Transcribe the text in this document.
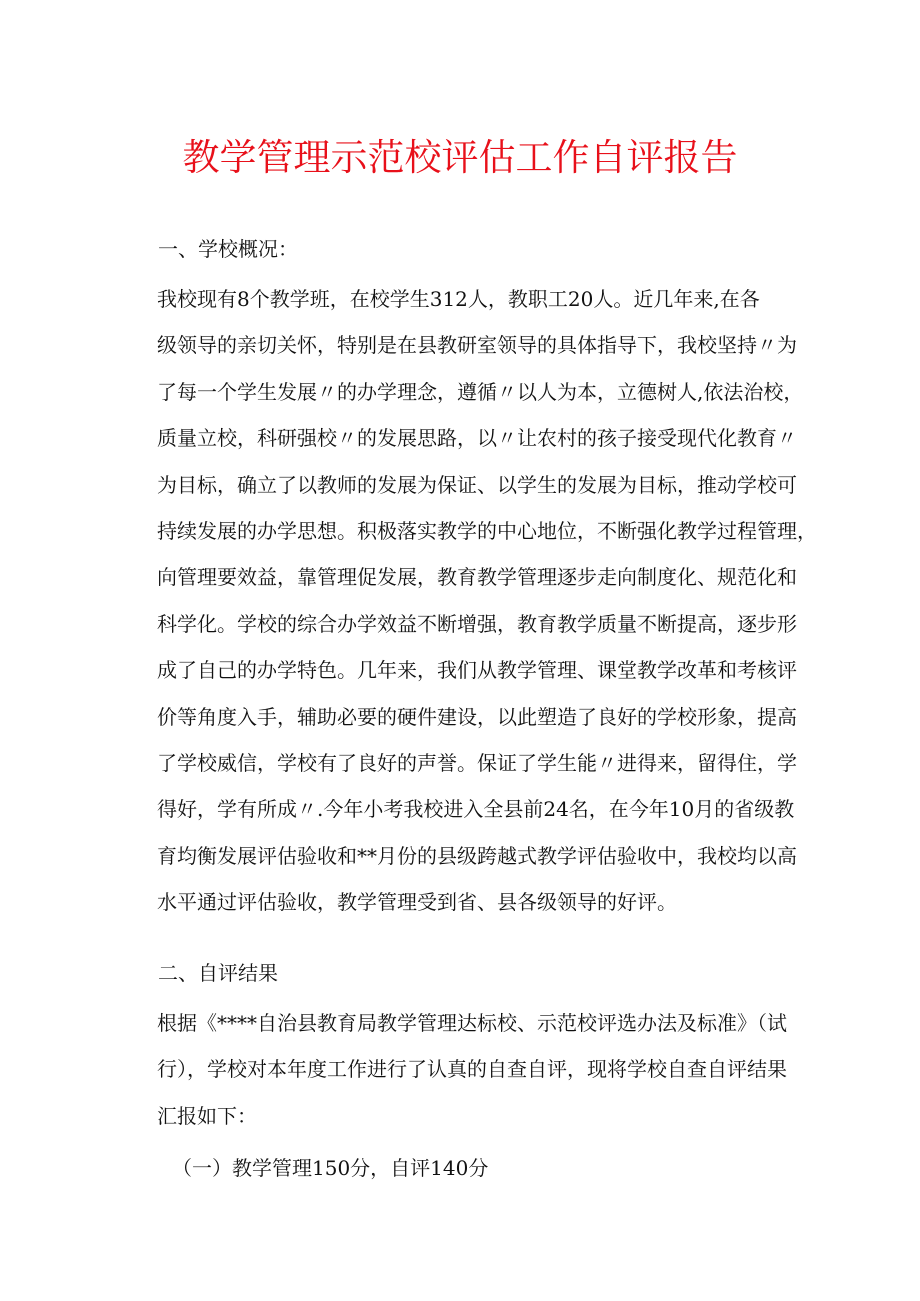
教学管理示范校评估工作自评报告
一、学校概况：
我校现有8个教学班，在校学生312人，教职工20人。近几年来,在各
级领导的亲切关怀，特别是在县教研室领导的具体指导下，我校坚持〃为
了每一个学生发展〃的办学理念，遵循〃以人为本，立德树人,依法治校，
质量立校，科研强校〃的发展思路，以〃让农村的孩子接受现代化教育〃
为目标，确立了以教师的发展为保证、以学生的发展为目标，推动学校可
持续发展的办学思想。积极落实教学的中心地位，不断强化教学过程管理，
向管理要效益，靠管理促发展，教育教学管理逐步走向制度化、规范化和
科学化。学校的综合办学效益不断增强，教育教学质量不断提高，逐步形
成了自己的办学特色。几年来，我们从教学管理、课堂教学改革和考核评
价等角度入手，辅助必要的硬件建设，以此塑造了良好的学校形象，提高
了学校威信，学校有了良好的声誉。保证了学生能〃进得来，留得住，学
得好，学有所成〃.今年小考我校进入全县前24名，在今年10月的省级教
育均衡发展评估验收和**月份的县级跨越式教学评估验收中，我校均以高
水平通过评估验收，教学管理受到省、县各级领导的好评。
二、自评结果
根据《****自治县教育局教学管理达标校、示范校评选办法及标准》（试
行），学校对本年度工作进行了认真的自查自评，现将学校自查自评结果
汇报如下：

（一）教学管理150分，自评140分
